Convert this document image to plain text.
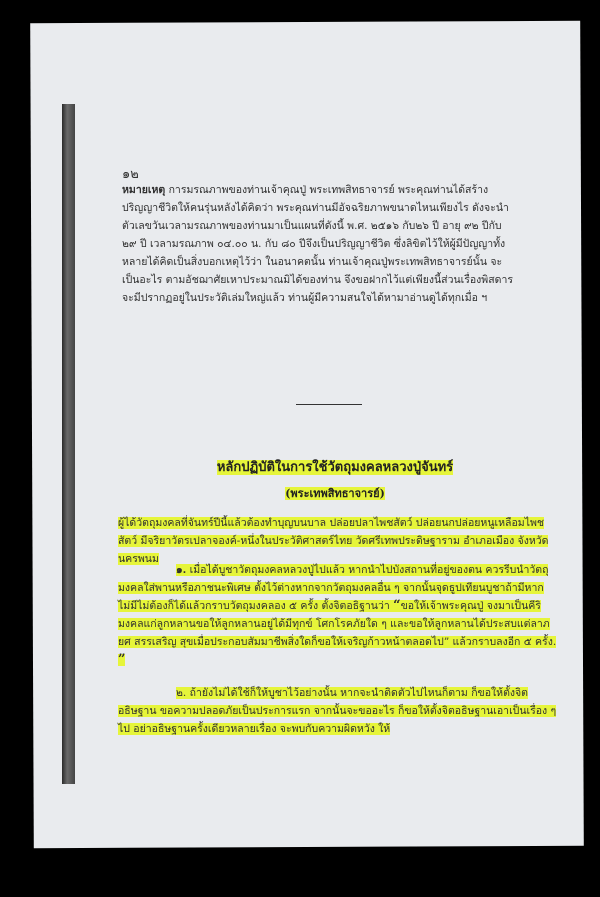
๑๒

หมายเหตุ การมรณภาพของท่านเจ้าคุณปู่ พระเทพสิทธาจารย์ พระคุณท่านได้สร้างปริญญาชีวิตให้คนรุ่นหลังได้คิดว่า พระคุณท่านมีอัจฉริยภาพขนาดไหนเพียงไร ดังจะนำตัวเลขวันเวลามรณภาพของท่านมาเป็นแผนที่ดังนี้ พ.ศ. ๒๕๑๖ กับ๒๖ ปี อายุ ๙๒ ปีกับ ๒๙ ปี เวลามรณภาพ ๐๔.๐๐ น. กับ ๘๐ ปีจึงเป็นปริญญาชีวิต ซึ่งลิขิตไว้ให้ผู้มีปัญญาทั้งหลายได้คิดเป็นสิ่งบอกเหตุไว้ว่า ในอนาคตนั้น ท่านเจ้าคุณปู่พระเทพสิทธาจารย์นั้น จะเป็นอะไร ตามอัชฌาศัยเหาประมาณมิได้ของท่าน จึงขอฝากไว้แต่เพียงนี้ส่วนเรื่องพิสดารจะมีปรากฏอยู่ในประวัติเล่มใหญ่แล้ว ท่านผู้มีความสนใจได้หามาอ่านดูได้ทุกเมื่อ ฯ

หลักปฏิบัติในการใช้วัตถุมงคลหลวงปู่จันทร์

(พระเทพสิทธาจารย์)

ผู้ได้วัตถุมงคลที่จันทร์ปีนี้แล้วต้องทำบุญบนบาล ปล่อยปลาไพชสัตว์ ปล่อยนกปล่อยหนูเหลือมไพชสัตว์ มีจริยาวัตรเปลาจองค์-หนึ่งในประวัติศาสตร์ไทย วัดศรีเทพประดิษฐาราม อำเภอเมือง จังหวัดนครพนม

๑. เมื่อได้บูชาวัตถุมงคลหลวงปู่ไปแล้ว หากนำไปบังสถานที่อยู่ของตน ควรรีบนำวัตถุมงคลใส่พานหรือภาชนะพิเศษ ตั้งไว้ต่างหากจากวัตถุมงคลอื่น ๆ จากนั้นจุดธูปเทียนบูชาถ้ามีหากไม่มีไม่ต้องก็ได้แล้วกราบวัตถุมงคลอง ๕ ครั้ง ตั้งจิตอธิฐานว่า “ขอให้เจ้าพระคุณปู่ จงมาเป็นคีริมงคลแก่ลูกหลานขอให้ลูกหลานอยู่ได้มีทุกข์ โศกโรคภัยใด ๆ และขอให้ลูกหลานได้ประสบแต่ลาภ ยศ สรรเสริญ สุขเมื่อประกอบสัมมาชีพสิ่งใดก็ขอให้เจริญก้าวหน้าตลอดไป” แล้วกราบลงอีก ๕ ครั้ง. ”

๒. ถ้ายังไม่ได้ใช้ก็ให้บูชาไว้อย่างนั้น หากจะนำติดตัวไปไหนก็ตาม ก็ขอให้ตั้งจิตอธิษฐาน ขอความปลอดภัยเป็นประการแรก จากนั้นจะขออะไร ก็ขอให้ตั้งจิตอธิษฐานเอาเป็นเรื่อง ๆ ไป อย่าอธิษฐานครั้งเดียวหลายเรื่อง จะพบกับความผิดหวัง ให้
